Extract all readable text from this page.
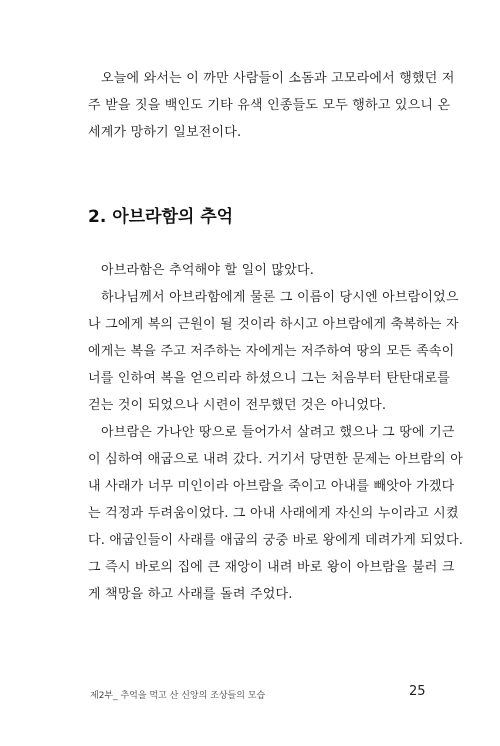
오늘에 와서는 이 까만 사람들이 소돔과 고모라에서 행했던 저
주 받을 짓을 백인도 기타 유색 인종들도 모두 행하고 있으니 온
세계가 망하기 일보전이다.
2. 아브라함의 추억
아브라함은 추억해야 할 일이 많았다.
하나님께서 아브라함에게 물론 그 이름이 당시엔 아브람이었으
나 그에게 복의 근원이 될 것이라 하시고 아브람에게 축복하는 자
에게는 복을 주고 저주하는 자에게는 저주하여 땅의 모든 족속이
너를 인하여 복을 얻으리라 하셨으니 그는 처음부터 탄탄대로를
걷는 것이 되었으나 시련이 전무했던 것은 아니었다.
아브람은 가나안 땅으로 들어가서 살려고 했으나 그 땅에 기근
이 심하여 애굽으로 내려 갔다. 거기서 당면한 문제는 아브람의 아
내 사래가 너무 미인이라 아브람을 죽이고 아내를 빼앗아 가겠다
는 걱정과 두려움이었다. 그 아내 사래에게 자신의 누이라고 시켰
다. 애굽인들이 사래를 애굽의 궁중 바로 왕에게 데려가게 되었다.
그 즉시 바로의 집에 큰 재앙이 내려 바로 왕이 아브람을 불러 크
게 책망을 하고 사래를 돌려 주었다.
제2부_ 추억을 먹고 산 신앙의 조상들의 모습	25
